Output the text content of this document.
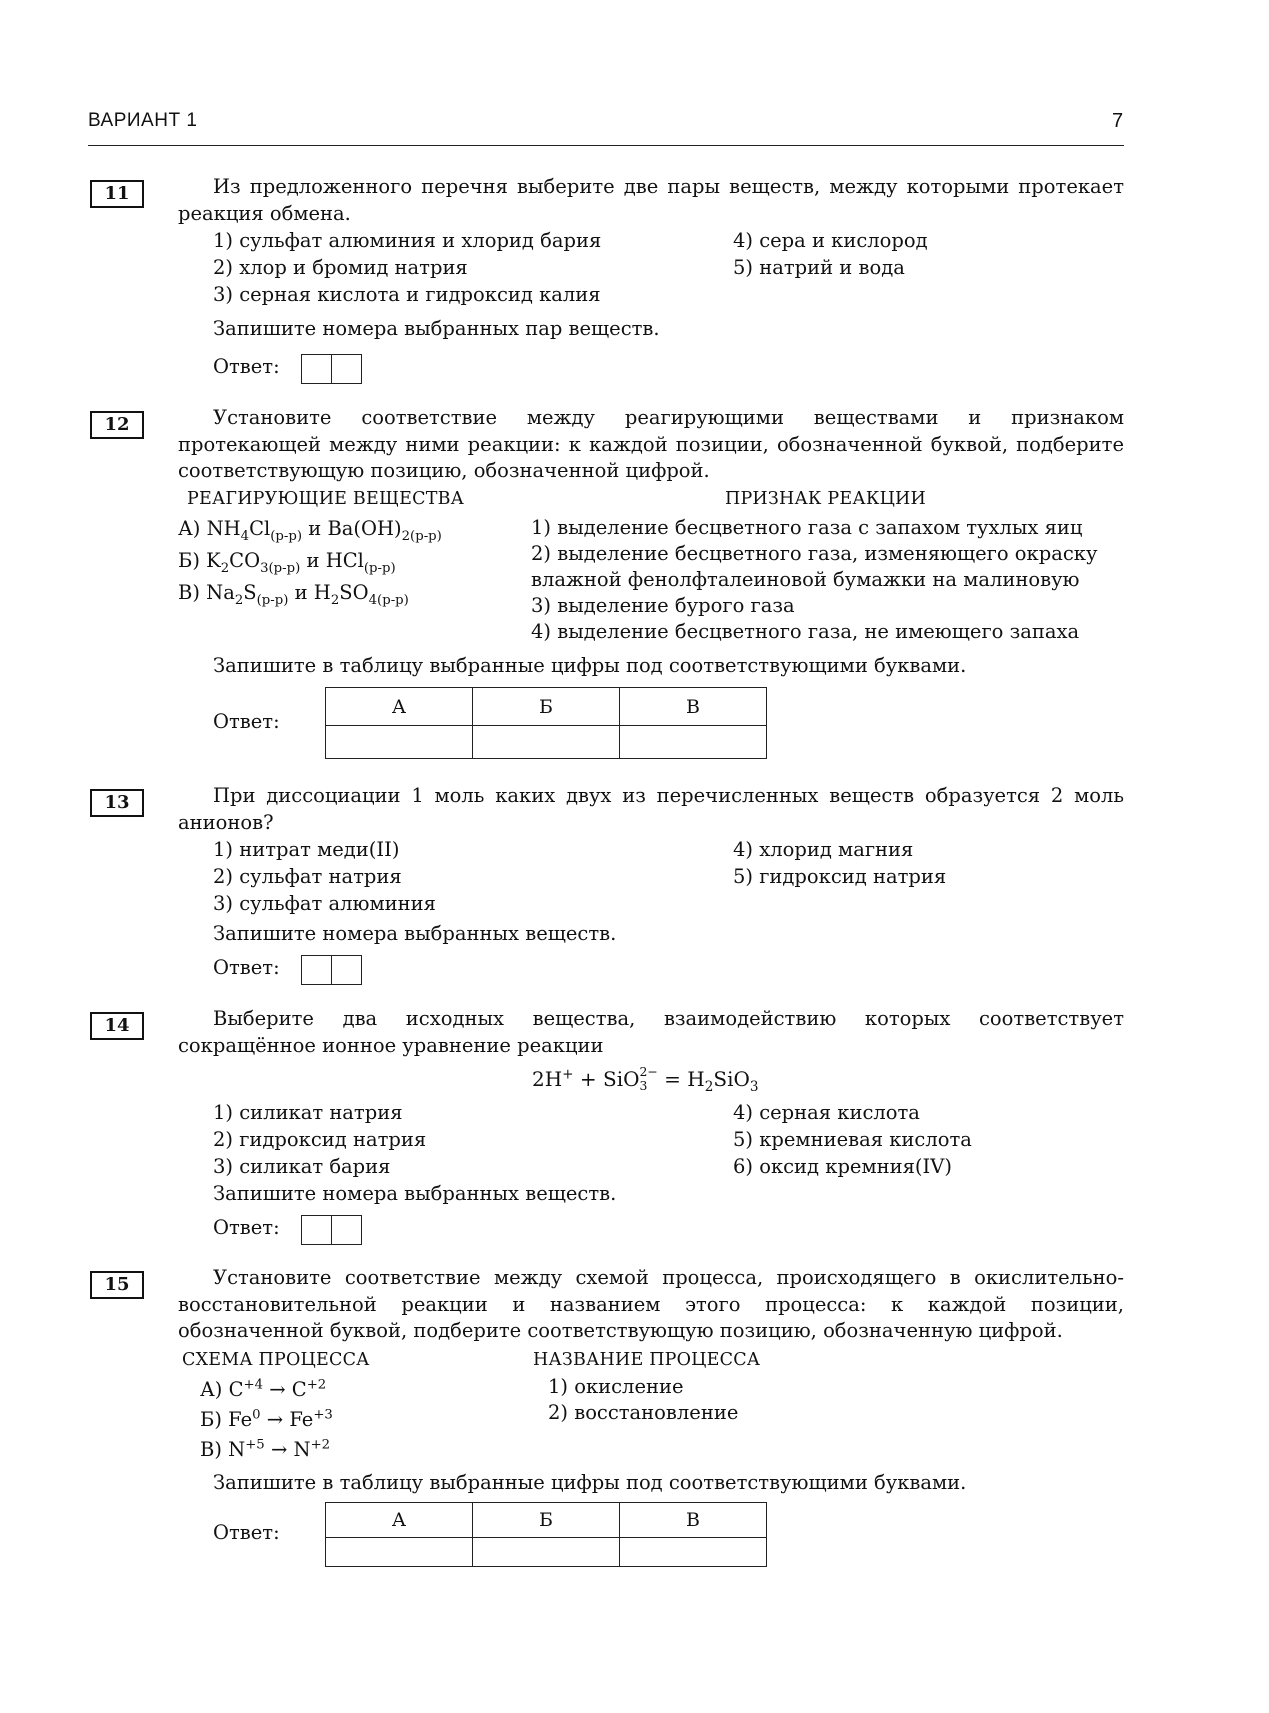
ВАРИАНТ 1	7
11	Из предложенного перечня выберите две пары веществ, между которыми протекает реакция обмена.
1) сульфат алюминия и хлорид бария
2) хлор и бромид натрия
3) серная кислота и гидроксид калия
4) сера и кислород
5) натрий и вода
Запишите номера выбранных пар веществ.
Ответ:
12	Установите соответствие между реагирующими веществами и признаком протекающей между ними реакции: к каждой позиции, обозначенной буквой, подберите соответствующую позицию, обозначенной цифрой.
РЕАГИРУЮЩИЕ ВЕЩЕСТВА	ПРИЗНАК РЕАКЦИИ
А) $NH_4Cl_{(р-р)}$ и $Ba(OH)_{2(р-р)}$
Б) $K_2CO_{3(р-р)}$ и HCl$_{(р-р)}$
В) $Na_2S_{(р-р)}$ и $H_2SO_{4(р-р)}$
1) выделение бесцветного газа с запахом тухлых яиц
2) выделение бесцветного газа, изменяющего окраску
влажной фенолфталеиновой бумажки на малиновую
3) выделение бурого газа
4) выделение бесцветного газа, не имеющего запаха
Запишите в таблицу выбранные цифры под соответствующими буквами.
Ответ:
А	Б	В

13	При диссоциации 1 моль каких двух из перечисленных веществ образуется 2 моль анионов?
1) нитрат меди(II)
2) сульфат натрия
3) сульфат алюминия
4) хлорид магния
5) гидроксид натрия
Запишите номера выбранных веществ.
Ответ:
14	Выберите два исходных вещества, взаимодействию которых соответствует сокращённое ионное уравнение реакции
2H+ + SiO 2−
$3 = H_2SiO_3$
1) силикат натрия
2) гидроксид натрия
3) силикат бария
4) серная кислота
5) кремниевая кислота
6) оксид кремния(IV)
Запишите номера выбранных веществ.
Ответ:
15	Установите соответствие между схемой процесса, происходящего в окислительно-восстановительной реакции и названием этого процесса: к каждой позиции, обозначенной буквой, подберите соответствующую позицию, обозначенную цифрой.
СХЕМА ПРОЦЕССА	НАЗВАНИЕ ПРОЦЕССА
А) $C^{+4} \to C^{+2}$
Б) $Fe^0 \to Fe^{+3}$
В) $N^{+5} \to N^{+2}$
1) окисление
2) восстановление
Запишите в таблицу выбранные цифры под соответствующими буквами.
Ответ:
А	Б	В
